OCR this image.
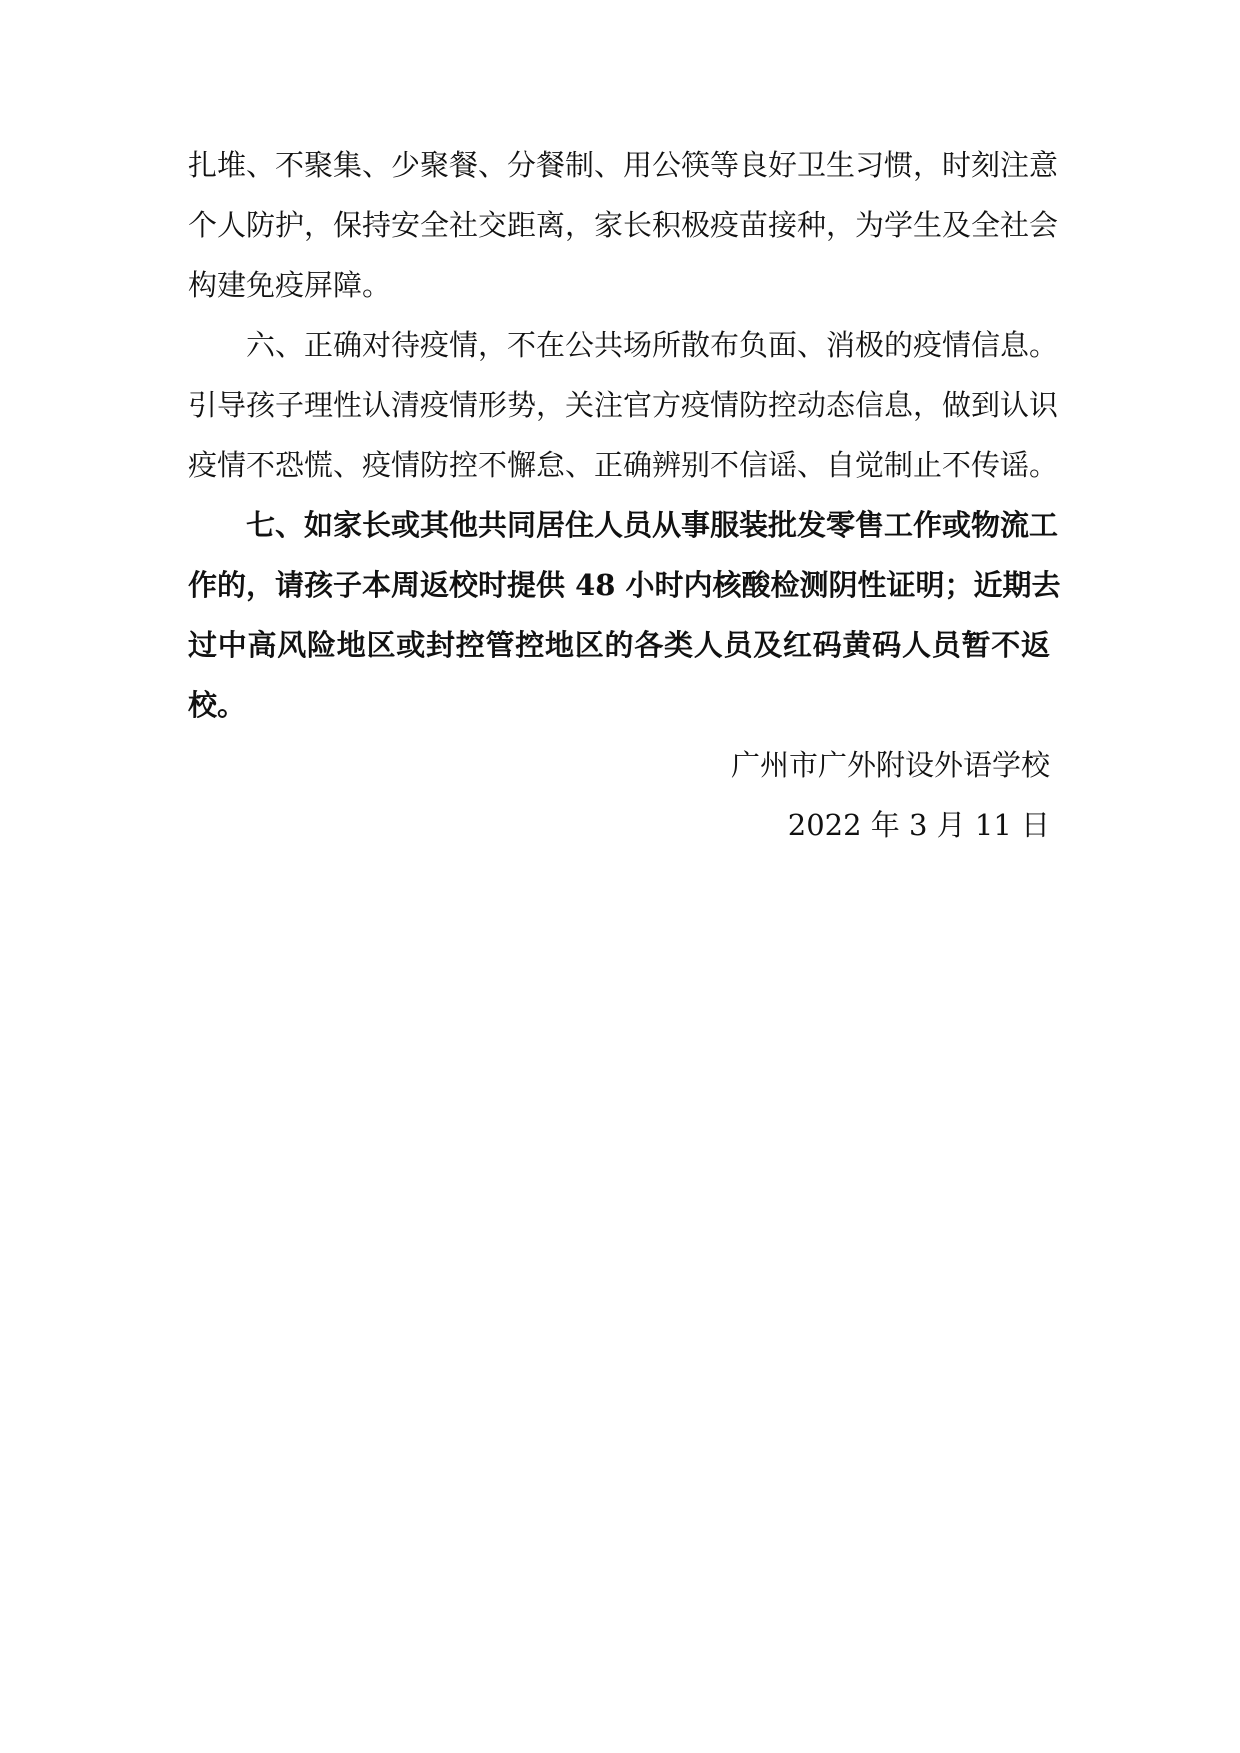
扎堆、不聚集、少聚餐、分餐制、用公筷等良好卫生习惯，时刻注意
个人防护，保持安全社交距离，家长积极疫苗接种，为学生及全社会
构建免疫屏障。
六、正确对待疫情，不在公共场所散布负面、消极的疫情信息。
引导孩子理性认清疫情形势，关注官方疫情防控动态信息，做到认识
疫情不恐慌、疫情防控不懈怠、正确辨别不信谣、自觉制止不传谣。
七、如家长或其他共同居住人员从事服装批发零售工作或物流工
作的，请孩子本周返校时提供 48 小时内核酸检测阴性证明；近期去
过中高风险地区或封控管控地区的各类人员及红码黄码人员暂不返
校。
广州市广外附设外语学校
2022 年 3 月 11 日
